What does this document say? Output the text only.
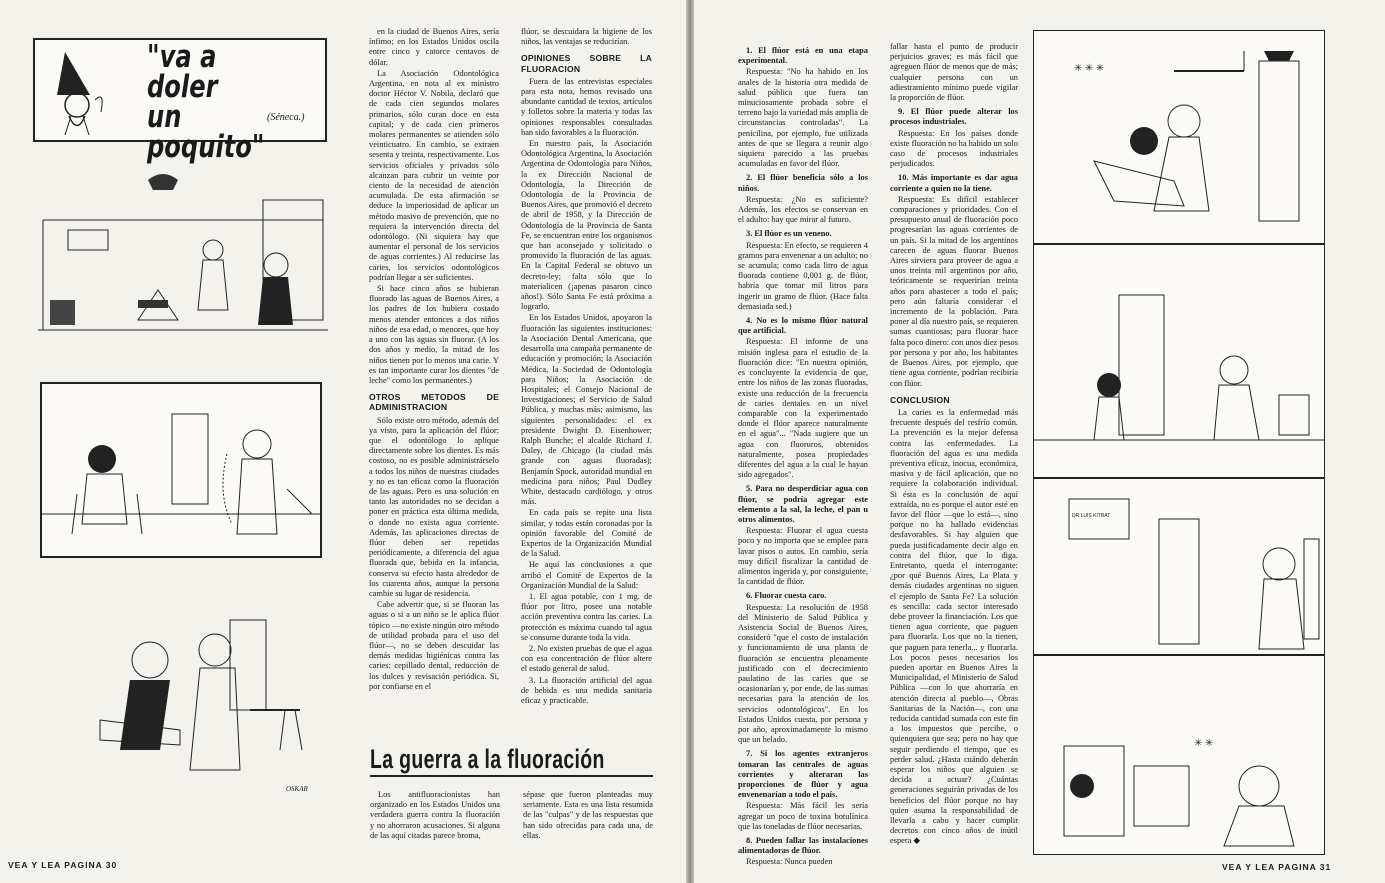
"va a doler
un poquito"
(Séneca.)
OSKAR

en la ciudad de Buenos Aires, sería ínfimo; en los Estados Unidos oscila entre cinco y catorce centavos de dólar.

La Asociación Odontológica Argentina, en nota al ex ministro doctor Héctor V. Nobila, declaró que de cada cien segundos molares primarios, sólo curan doce en esta capital; y de cada cien primeros molares permanentes se atienden sólo veinticuatro. En cambio, se extraen sesenta y treinta, respectivamente. Los servicios oficiales y privados sólo alcanzan para cubrir un veinte por ciento de la necesidad de atención acumulada. De esta afirmación se deduce la imperiosidad de aplicar un método masivo de prevención, que no requiera la intervención directa del odontólogo. (Ni siquiera hay que aumentar el personal de los servicios de aguas corrientes.) Al reducirse las caries, los servicios odontológicos podrían llegar a ser suficientes.

Si hace cinco años se hubieran fluorado las aguas de Buenos Aires, a los padres de los hubiera costado menos atender entonces a dos niños niños de esa edad, o menores, que hoy a uno con las aguas sin fluorar. (A los dos años y medio, la mitad de los niños tienen por lo menos una carie. Y es tan importante curar los dientes "de leche" como los permanentes.)

OTROS METODOS DE ADMINISTRACION

Sólo existe otro método, además del ya visto, para la aplicación del flúor: que el odontólogo lo aplique directamente sobre los dientes. Es más costoso, no es posible administrárselo a todos los niños de nuestras ciudades y no es tan eficaz como la fluoración de las aguas. Pero es una solución en tanto las autoridades no se decidan a poner en práctica esta última medida, o donde no exista agua corriente. Además, las aplicaciones directas de flúor deben ser repetidas periódicamente, a diferencia del agua fluorada que, bebida en la infancia, conserva su efecto hasta alrededor de los cuarenta años, aunque la persona cambie su lugar de residencia.

Cabe advertir que, si se fluoran las aguas o si a un niño se le aplica flúor tópico —no existe ningún otro método de utilidad probada para el uso del flúor—, no se deben descuidar las demás medidas higiénicas contra las caries: cepillado dental, reducción de los dulces y revisación periódica. Si, por confiarse en el

flúor, se descuidara la higiene de los niños, las ventajas se reducirían.

OPINIONES SOBRE LA FLUORACION

Fuera de las entrevistas especiales para esta nota, hemos revisado una abundante cantidad de textos, artículos y folletos sobre la materia y todas las opiniones responsables consultadas han sido favorables a la fluoración.

En nuestro país, la Asociación Odontológica Argentina, la Asociación Argentina de Odontología para Niños, la ex Dirección Nacional de Odontología, la Dirección de Odontología de la Provincia de Buenos Aires, que promovió el decreto de abril de 1958, y la Dirección de Odontología de la Provincia de Santa Fe, se encuentran entre los organismos que han aconsejado y solicitado o promovido la fluoración de las aguas. En la Capital Federal se obtuvo un decreto-ley; falta sólo que lo materialicen (¡apenas pasaron cinco años!). Sólo Santa Fe está próxima a lograrlo.

En los Estados Unidos, apoyaron la fluoración las siguientes instituciones: la Asociación Dental Americana, que desarrolla una campaña permanente de educación y promoción; la Asociación Médica, la Sociedad de Odontología para Niños; la Asociación de Hospitales; el Consejo Nacional de Investigaciones; el Servicio de Salud Pública, y muchas más; asimismo, las siguientes personalidades: el ex presidente Dwight D. Eisenhower; Ralph Bunche; el alcalde Richard J. Daley, de Chicago (la ciudad más grande con aguas fluoradas); Benjamín Spock, autoridad mundial en medicina para niños; Paul Dudley White, destacado cardiólogo, y otros más.

En cada país se repite una lista similar, y todas están coronadas por la opinión favorable del Comité de Expertos de la Organización Mundial de la Salud.

He aquí las conclusiones a que arribó el Comité de Expertos de la Organización Mundial de la Salud:

1. El agua potable, con 1 mg. de flúor por litro, posee una notable acción preventiva contra las caries. La protección es máxima cuando tal agua se consume durante toda la vida.

2. No existen pruebas de que el agua con esa concentración de flúor altere el estado general de salud.

3. La fluoración artificial del agua de bebida es una medida sanitaria eficaz y practicable.

La guerra a la fluoración

Los antifluoracionistas han organizado en los Estados Unidos una verdadera guerra contra la fluoración y no ahorraron acusaciones. Si alguna de las aquí citadas parece broma,

sépase que fueron planteadas muy seriamente. Esta es una lista resumida de las "culpas" y de las respuestas que han sido ofrecidas para cada una, de ellas.

VEA Y LEA PAGINA 30
1. El flúor está en una etapa experimental.
Respuesta: "No ha habido en los anales de la historia otra medida de salud pública que fuera tan minuciosamente probada sobre el terreno bajo la variedad más amplia de circunstancias controladas". La penicilina, por ejemplo, fue utilizada antes de que se llegara a reunir algo siquiera parecido a las pruebas acumuladas en favor del flúor.
2. El flúor beneficia sólo a los niños.
Respuesta: ¿No es suficiente? Además, los efectos se conservan en el adulto: hay que mirar al futuro.
3. El flúor es un veneno.
Respuesta: En efecto, se requieren 4 gramos para envenenar a un adulto; no se acumula; como cada litro de agua fluorada contiene 0,001 g. de flúor, habría que tomar mil litros para ingerir un gramo de flúor. (Hace falta demasiada sed.)
4. No es lo mismo flúor natural que artificial.
Respuesta: El informe de una misión inglesa para el estudio de la fluoración dice: "En nuestra opinión, es concluyente la evidencia de que, entre los niños de las zonas fluoradas, existe una reducción de la frecuencia de caries dentales en un nivel comparable con la experimentado donde el flúor aparece naturalmente en el agua"... "Nada sugiere que un agua con fluoruros, obtenidos naturalmente, posea propiedades diferentes del agua a la cual le hayan sido agregados".
5. Para no desperdiciar agua con flúor, se podría agregar este elemento a la sal, la leche, el pan u otros alimentos.
Respuesta: Fluorar el agua cuesta poco y no importa que se emplee para lavar pisos o autos. En cambio, sería muy difícil fiscalizar la cantidad de alimentos ingerida y, por consiguiente, la cantidad de flúor.
6. Fluorar cuesta caro.
Respuesta: La resolución de 1958 del Ministerio de Salud Pública y Asistencia Social de Buenos Aires, consideró "que el costo de instalación y funcionamiento de una planta de fluoración se encuentra plenamente justificado con el decrecimiento paulatino de las caries que se ocasionarían y, por ende, de las sumas necesarias para la atención de los servicios odontológicos". En los Estados Unidos cuesta, por persona y por año, aproximadamente lo mismo que un helado.
7. Si los agentes extranjeros tomaran las centrales de aguas corrientes y alteraran las proporciones de flúor y agua envenenarían a todo el país.
Respuesta: Más fácil les sería agregar un poco de toxina botulínica que las toneladas de flúor necesarias.
8. Pueden fallar las instalaciones alimentadoras de flúor.
Respuesta: Nunca pueden
fallar hasta el punto de producir perjuicios graves; es más fácil que agreguen flúor de menos que de más; cualquier persona con un adiestramiento mínimo puede vigilar la proporción de flúor.
9. El flúor puede alterar los procesos industriales.
Respuesta: En los países donde existe fluoración no ha habido un solo caso de procesos industriales perjudicados.
10. Más importante es dar agua corriente a quien no la tiene.
Respuesta: Es difícil establecer comparaciones y prioridades. Con el presupuesto anual de fluoración poco progresarían las aguas corrientes de un país. Si la mitad de los argentinos carecen de aguas fluorar Buenos Aires sirviera para proveer de agua a unos treinta mil argentinos por año, teóricamente se requerirían treinta años para abastecer a todo el país; pero aún faltaría considerar el incremento de la población. Para poner al día nuestro país, se requieren sumas cuantiosas; para fluorar hace falta poco dinero: con unos diez pesos por persona y por año, los habitantes de Buenos Aires, por ejemplo, que tiene agua corriente, podrían recibiría con flúor.
CONCLUSION

La caries es la enfermedad más frecuente después del resfrío común. La prevención es la mejor defensa contra las enfermedades. La fluoración del agua es una medida preventiva eficaz, inocua, económica, masiva y de fácil aplicación, que no requiere la colaboración individual. Si ésta es la conclusión de aquí extraída, no es porque el autor esté en favor del flúor —que lo está—, sino porque no ha hallado evidencias desfavorables. Si hay alguien que pueda justificadamente decir algo en contra del flúor, que lo diga. Entretanto, queda el interrogante: ¿por qué Buenos Aires, La Plata y demás ciudades argentinas no siguen el ejemplo de Santa Fe? La solución es sencilla: cada sector interesado debe proveer la financiación. Los que tienen agua corriente, que paguen para fluorarla. Los que no la tienen, que paguen para tenerla... y fluorarla. Los pocos pesos necesarios los pueden aportar en Buenos Aires la Municipalidad, el Ministerio de Salud Pública —con lo que ahorraría en atención directa al pueblo—, Obras Sanitarias de la Nación—, con una reducida cantidad sumada con este fin a los impuestos que percibe, o quienquiera que sea; pero no hay que seguir perdiendo el tiempo, que es perder salud. ¿Hasta cuándo deberán esperar los niños que alguien se decida a actuar? ¿Cuántas generaciones seguirán privadas de los beneficios del flúor porque no hay quien asuma la responsabilidad de llevarla a cabo y hacer cumplir decretos con cinco años de inútil espera ◆

✳ ✳ ✳
DR LUIS KITBAT
✳ ✳
VEA Y LEA PAGINA 31
